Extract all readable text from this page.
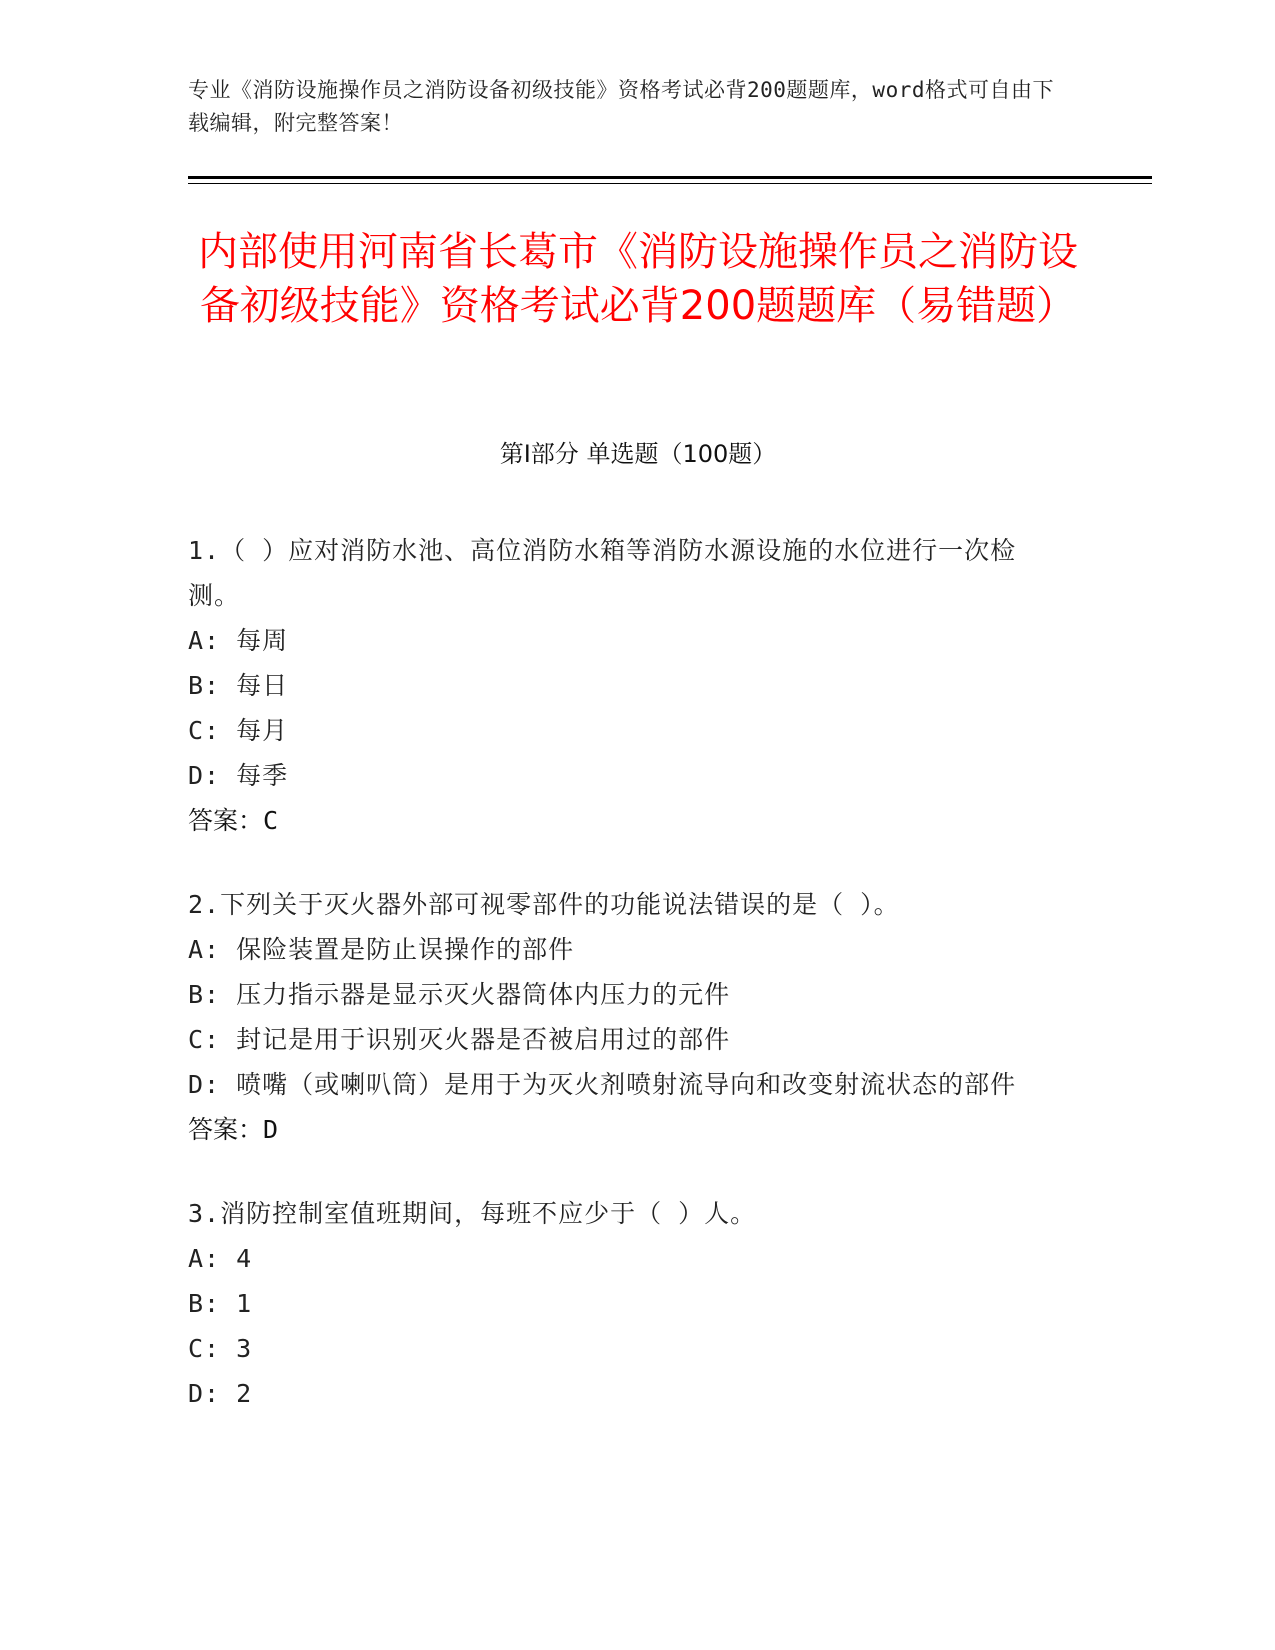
专业《消防设施操作员之消防设备初级技能》资格考试必背200题题库，word格式可自由下载编辑，附完整答案！
内部使用河南省长葛市《消防设施操作员之消防设备初级技能》资格考试必背200题题库（易错题）
第I部分 单选题（100题）

1.（ ）应对消防水池、高位消防水箱等消防水源设施的水位进行一次检测。

A: 每周

B: 每日

C: 每月

D: 每季

答案：C

2.下列关于灭火器外部可视零部件的功能说法错误的是（ ）。

A: 保险装置是防止误操作的部件

B: 压力指示器是显示灭火器筒体内压力的元件

C: 封记是用于识别灭火器是否被启用过的部件

D: 喷嘴（或喇叭筒）是用于为灭火剂喷射流导向和改变射流状态的部件

答案：D

3.消防控制室值班期间，每班不应少于（ ）人。

A: 4

B: 1

C: 3

D: 2
